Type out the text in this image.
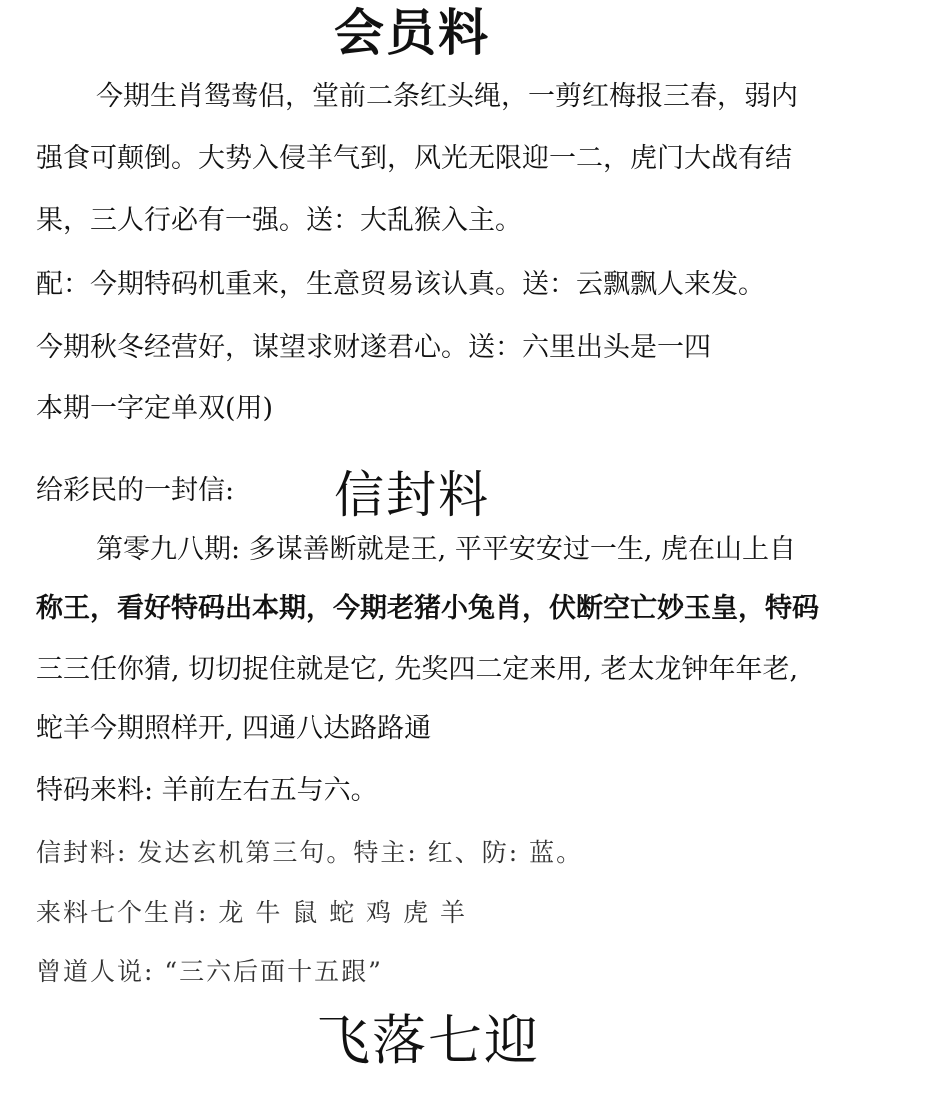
会员料
今期生肖鸳鸯侣，堂前二条红头绳，一剪红梅报三春，弱内
强食可颠倒。大势入侵羊气到，风光无限迎一二，虎门大战有结
果，三人行必有一强。送：大乱猴入主。
配：今期特码机重来，生意贸易该认真。送：云飘飘人来发。
今期秋冬经营好，谋望求财遂君心。送：六里出头是一四
本期一字定单双(用)
给彩民的一封信: 信封料
第零九八期: 多谋善断就是王, 平平安安过一生, 虎在山上自
称王，看好特码出本期，今期老猪小兔肖，伏断空亡妙玉皇，特码
三三任你猜, 切切捉住就是它, 先奖四二定来用, 老太龙钟年年老,
蛇羊今期照样开, 四通八达路路通
特码来料: 羊前左右五与六。
信封料: 发达玄机第三句。特主: 红、防: 蓝。
来料七个生肖: 龙 牛 鼠 蛇 鸡 虎 羊
曾道人说: “三六后面十五跟”
飞落七迎
